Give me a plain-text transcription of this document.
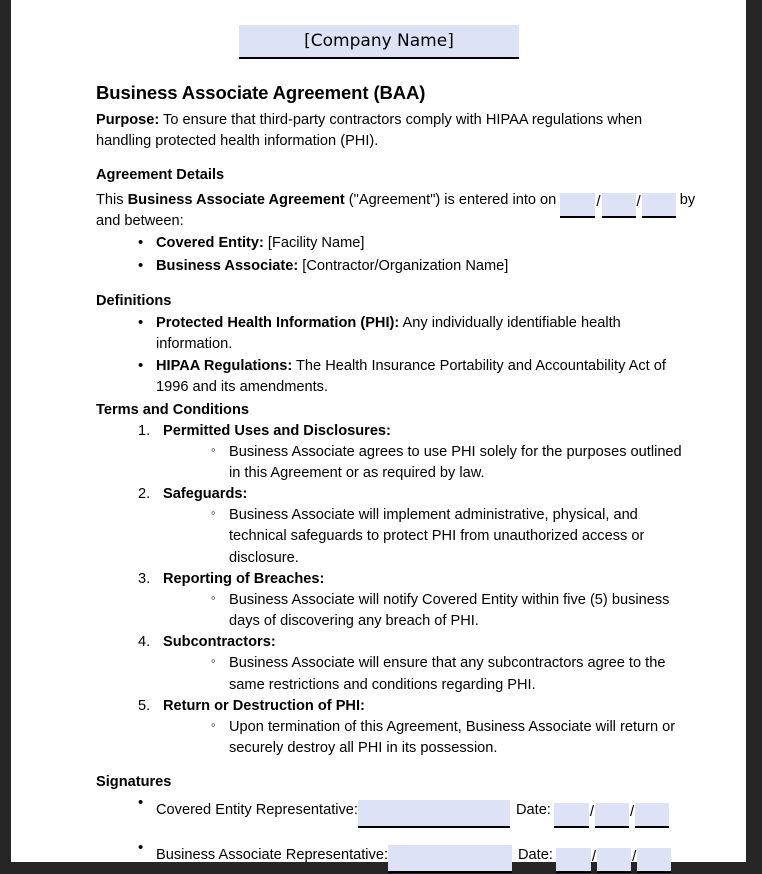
[Company Name]
Business Associate Agreement (BAA)
Purpose: To ensure that third-party contractors comply with HIPAA regulations when handling protected health information (PHI).
Agreement Details
This Business Associate Agreement ("Agreement") is entered into on / / by and between:
• Covered Entity: [Facility Name]
• Business Associate: [Contractor/Organization Name]
Definitions
• Protected Health Information (PHI): Any individually identifiable health information.
• HIPAA Regulations: The Health Insurance Portability and Accountability Act of 1996 and its amendments.
Terms and Conditions
Permitted Uses and Disclosures:
◦ Business Associate agrees to use PHI solely for the purposes outlined in this Agreement or as required by law.
Safeguards:
◦ Business Associate will implement administrative, physical, and technical safeguards to protect PHI from unauthorized access or disclosure.
Reporting of Breaches:
◦ Business Associate will notify Covered Entity within five (5) business days of discovering any breach of PHI.
Subcontractors:
◦ Business Associate will ensure that any subcontractors agree to the same restrictions and conditions regarding PHI.
Return or Destruction of PHI:
◦ Upon termination of this Agreement, Business Associate will return or securely destroy all PHI in its possession.
Signatures
• Covered Entity Representative:	Date:	/ /
• Business Associate Representative:	Date:	/ /
